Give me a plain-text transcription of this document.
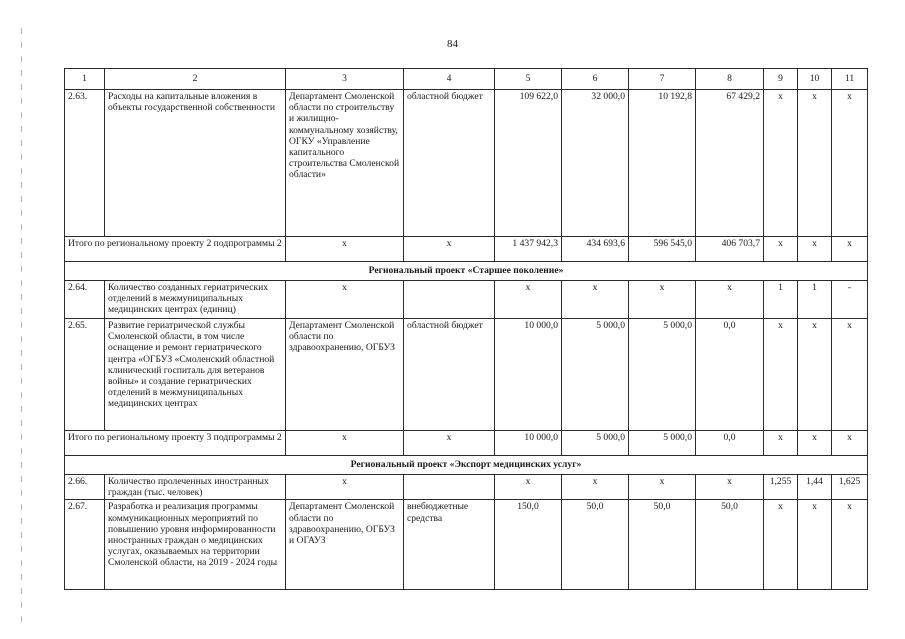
84
1	2	3	4	5	6	7	8	9	10	11
2.63.	Расходы на капитальные вложения в объекты государственной собственности	Департамент Смоленской области по строительству и жилищно-коммунальному хозяйству, ОГКУ «Управление капитального строительства Смоленской области»	областной бюджет	109 622,0	32 000,0	10 192,8	67 429,2	х	х	х
Итого по региональному проекту 2 подпрограммы 2		х	х	1 437 942,3	434 693,6	596 545,0	406 703,7	х	х	х
Региональный проект «Старшее поколение»										
2.64.	Количество созданных гериатрических отделений в межмуниципальных медицинских центрах (единиц)	х		х	х	х	х	1	1	-
2.65.	Развитие гериатрической службы Смоленской области, в том числе оснащение и ремонт гериатрического центра «ОГБУЗ «Смоленский областной клинический госпиталь для ветеранов войны» и создание гериатрических отделений в межмуниципальных медицинских центрах	Департамент Смоленской области по здравоохранению, ОГБУЗ	областной бюджет	10 000,0	5 000,0	5 000,0	0,0	х	х	х
Итого по региональному проекту 3 подпрограммы 2		х	х	10 000,0	5 000,0	5 000,0	0,0	х	х	х
Региональный проект «Экспорт медицинских услуг»										
2.66.	Количество пролеченных иностранных граждан (тыс. человек)	х		х	х	х	х	1,255	1,44	1,625
2.67.	Разработка и реализация программы коммуникационных мероприятий по повышению уровня информированности иностранных граждан о медицинских услугах, оказываемых на территории Смоленской области, на 2019 - 2024 годы	Департамент Смоленской области по здравоохранению, ОГБУЗ и ОГАУЗ	внебюджетные средства	150,0	50,0	50,0	50,0	х	х	х
